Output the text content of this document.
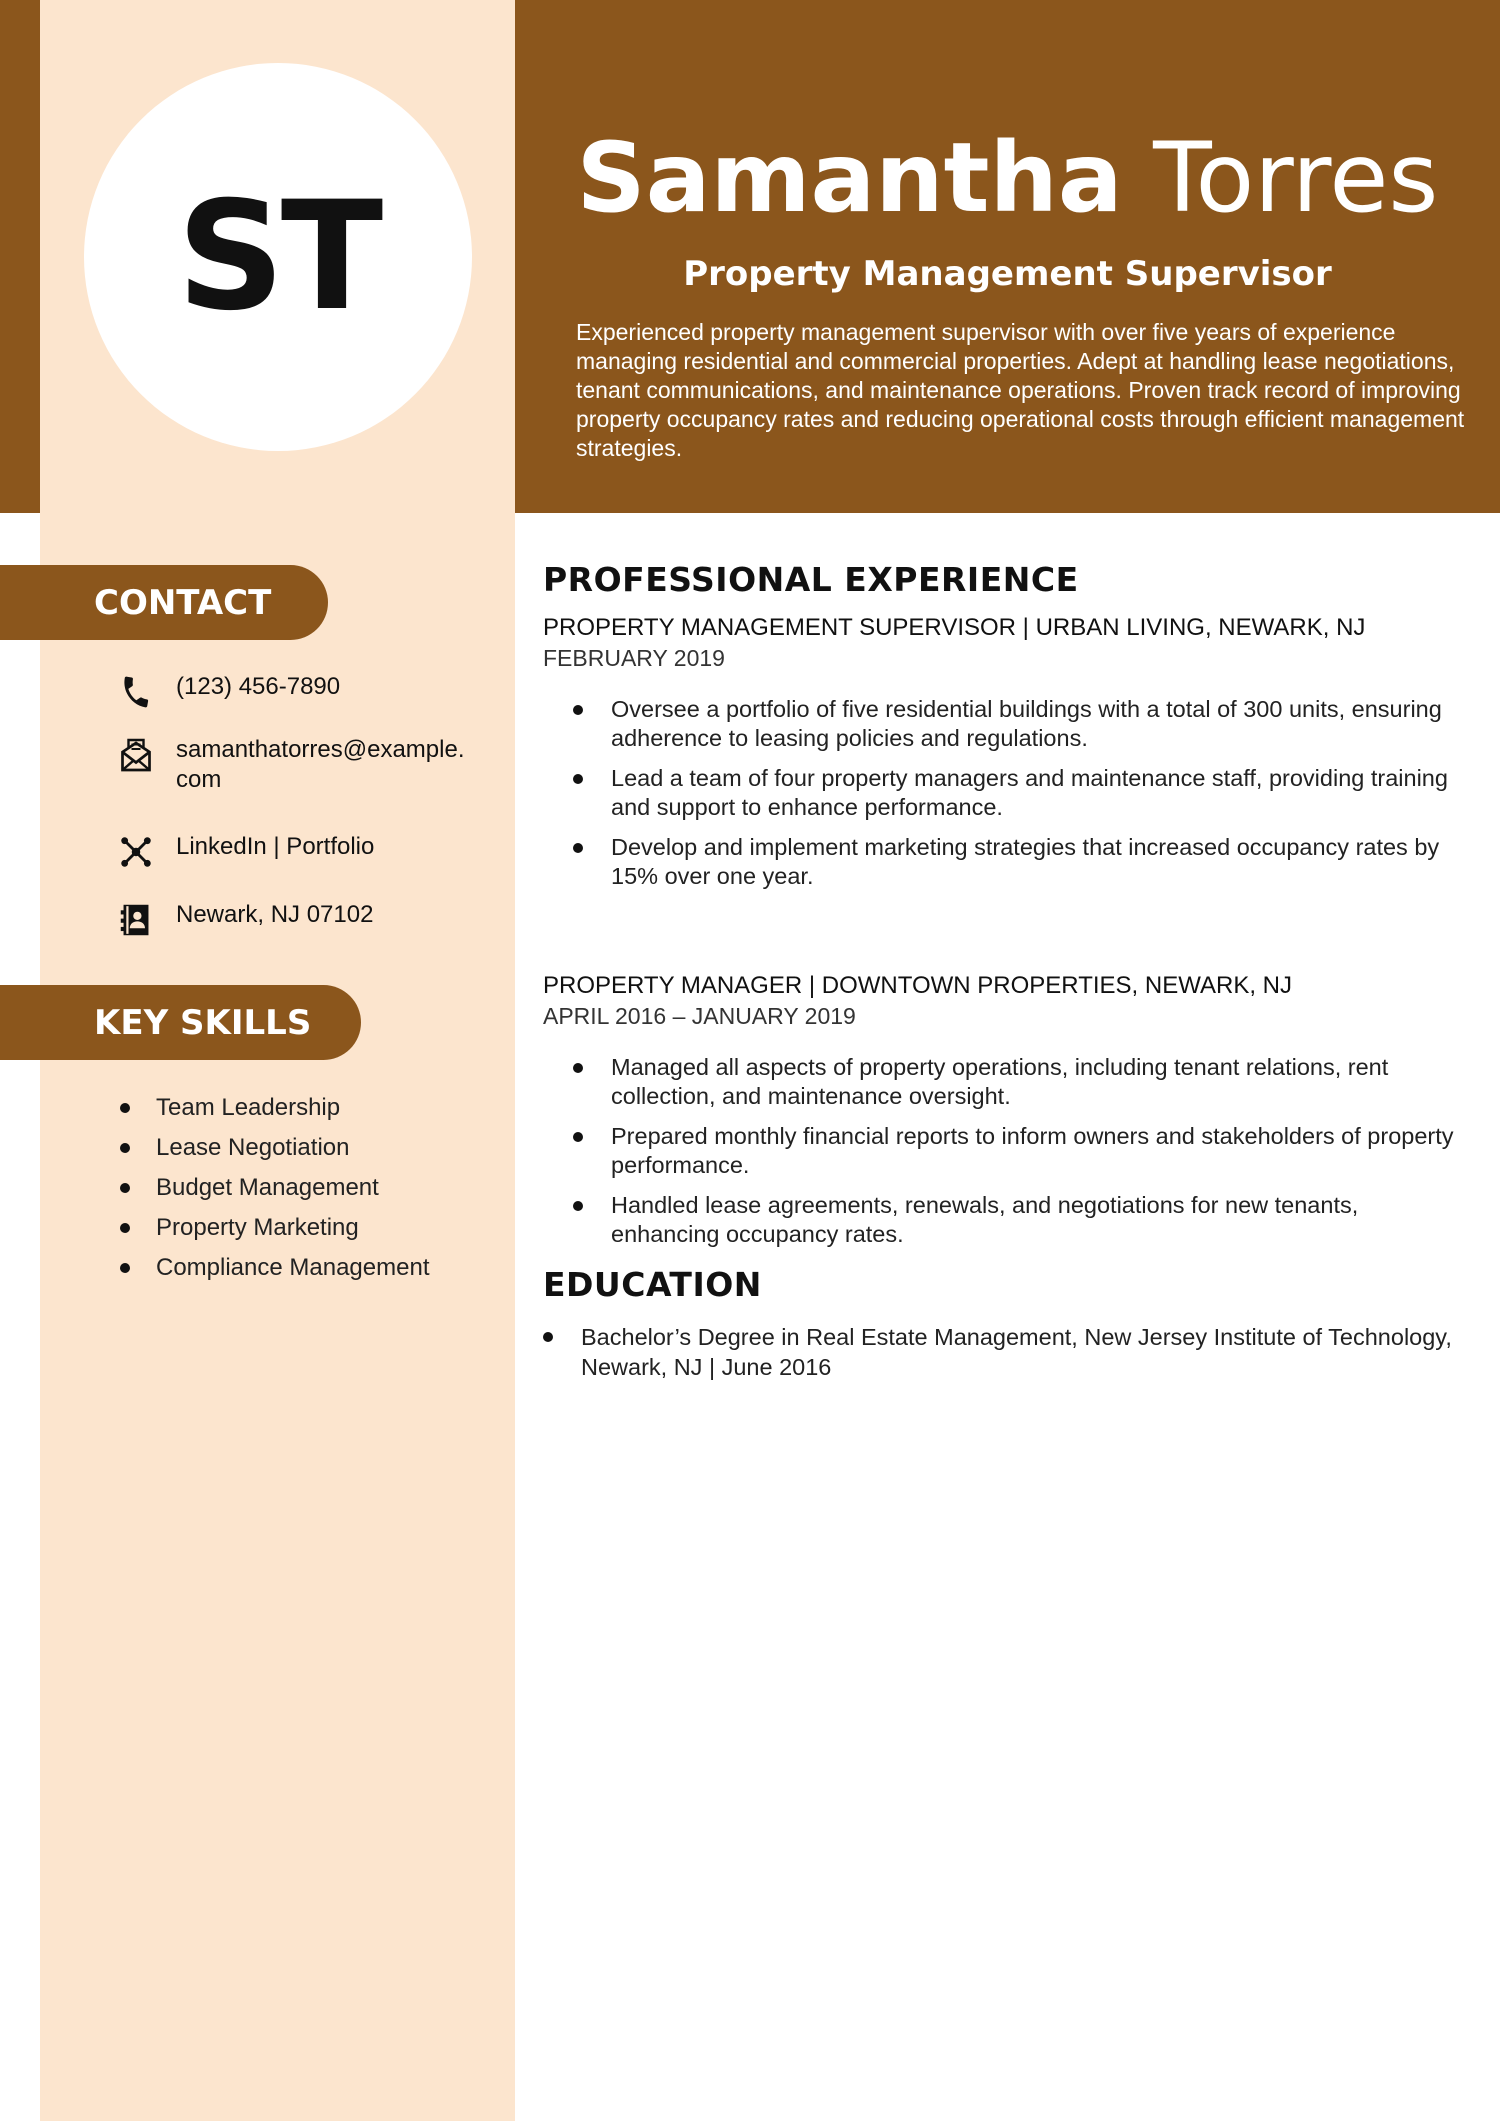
ST	Samantha Torres
Property Management Supervisor
Experienced property management supervisor with over five years of experience managing residential and commercial properties. Adept at handling lease negotiations, tenant communications, and maintenance operations. Proven track record of improving property occupancy rates and reducing operational costs through efficient management strategies.
CONTACT
(123) 456-7890
samanthatorres@example.com
LinkedIn | Portfolio
Newark, NJ 07102
KEY SKILLS
Team Leadership
Lease Negotiation
Budget Management
Property Marketing
Compliance Management
PROFESSIONAL EXPERIENCE
PROPERTY MANAGEMENT SUPERVISOR | URBAN LIVING, NEWARK, NJ
FEBRUARY 2019
Oversee a portfolio of five residential buildings with a total of 300 units, ensuring adherence to leasing policies and regulations.
Lead a team of four property managers and maintenance staff, providing training and support to enhance performance.
Develop and implement marketing strategies that increased occupancy rates by 15% over one year.
PROPERTY MANAGER | DOWNTOWN PROPERTIES, NEWARK, NJ
APRIL 2016 – JANUARY 2019
Managed all aspects of property operations, including tenant relations, rent collection, and maintenance oversight.
Prepared monthly financial reports to inform owners and stakeholders of property performance.
Handled lease agreements, renewals, and negotiations for new tenants, enhancing occupancy rates.
EDUCATION
Bachelor’s Degree in Real Estate Management, New Jersey Institute of Technology, Newark, NJ | June 2016
